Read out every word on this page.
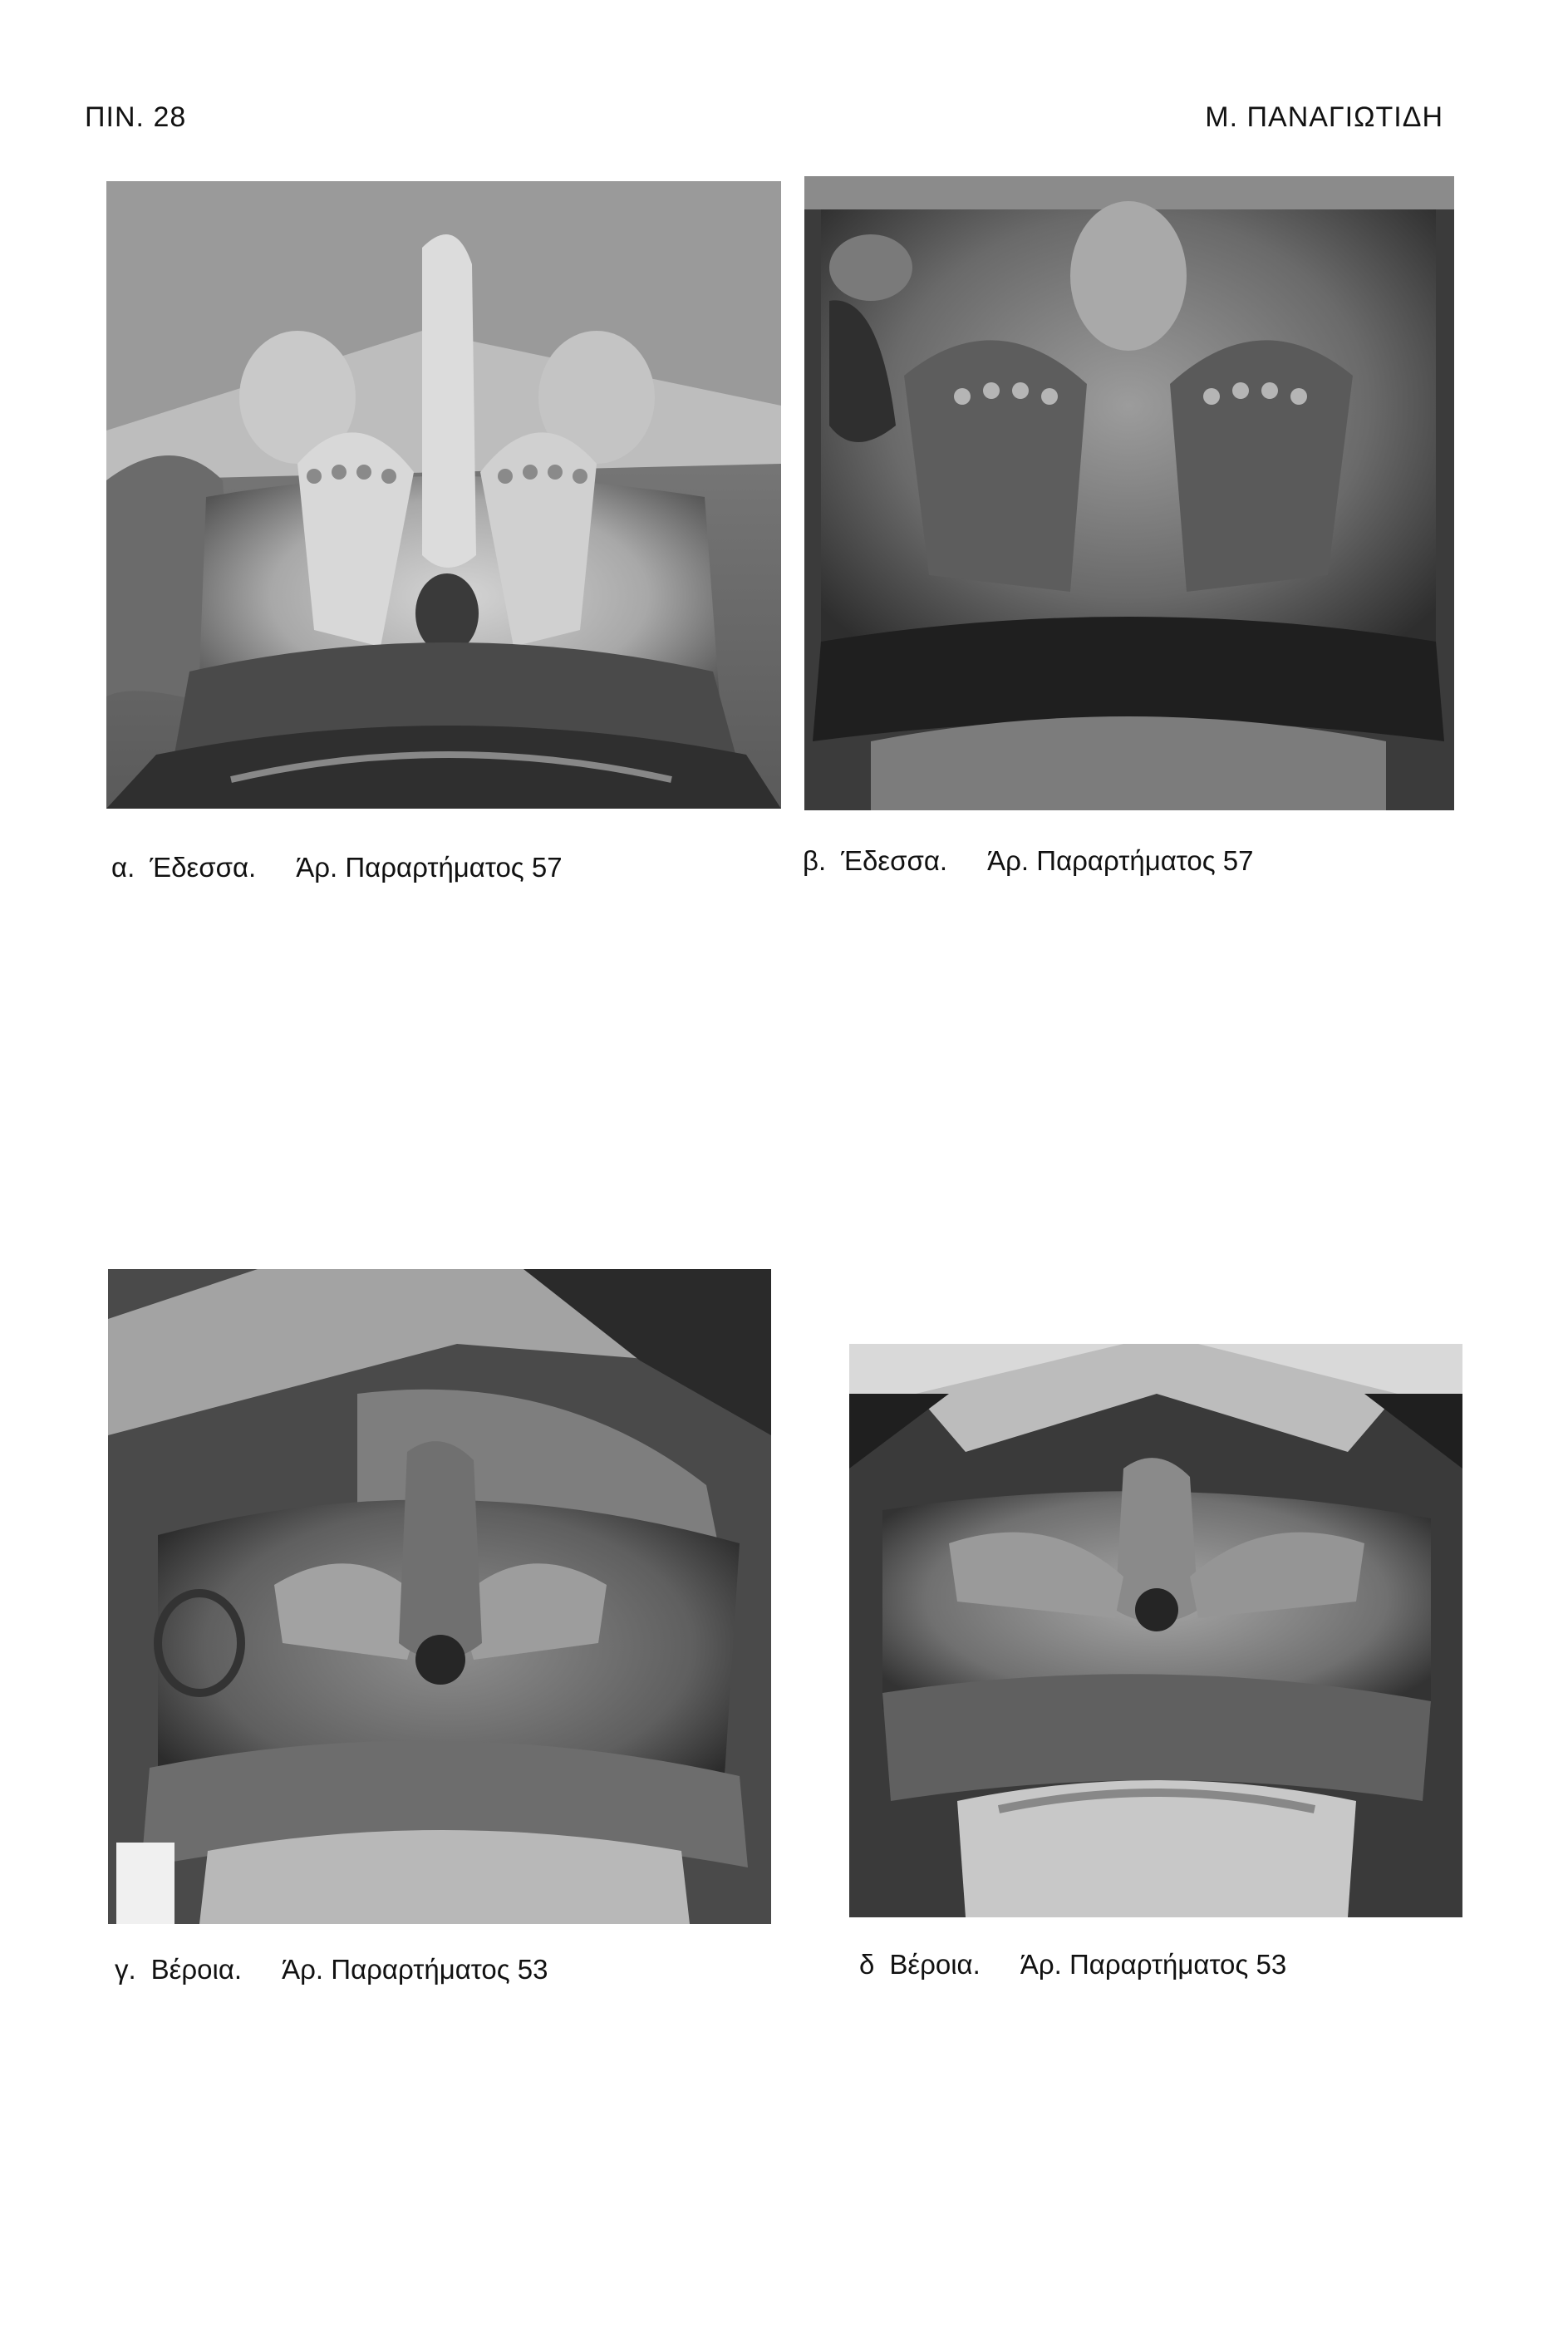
ΠΙΝ. 28	Μ. ΠΑΝΑΓΙΩΤΙΔΗ
α. Έδεσσα. Άρ. Παραρτήματος 57	β. Έδεσσα. Άρ. Παραρτήματος 57
γ. Βέροια. Άρ. Παραρτήματος 53	δ Βέροια. Άρ. Παραρτήματος 53
